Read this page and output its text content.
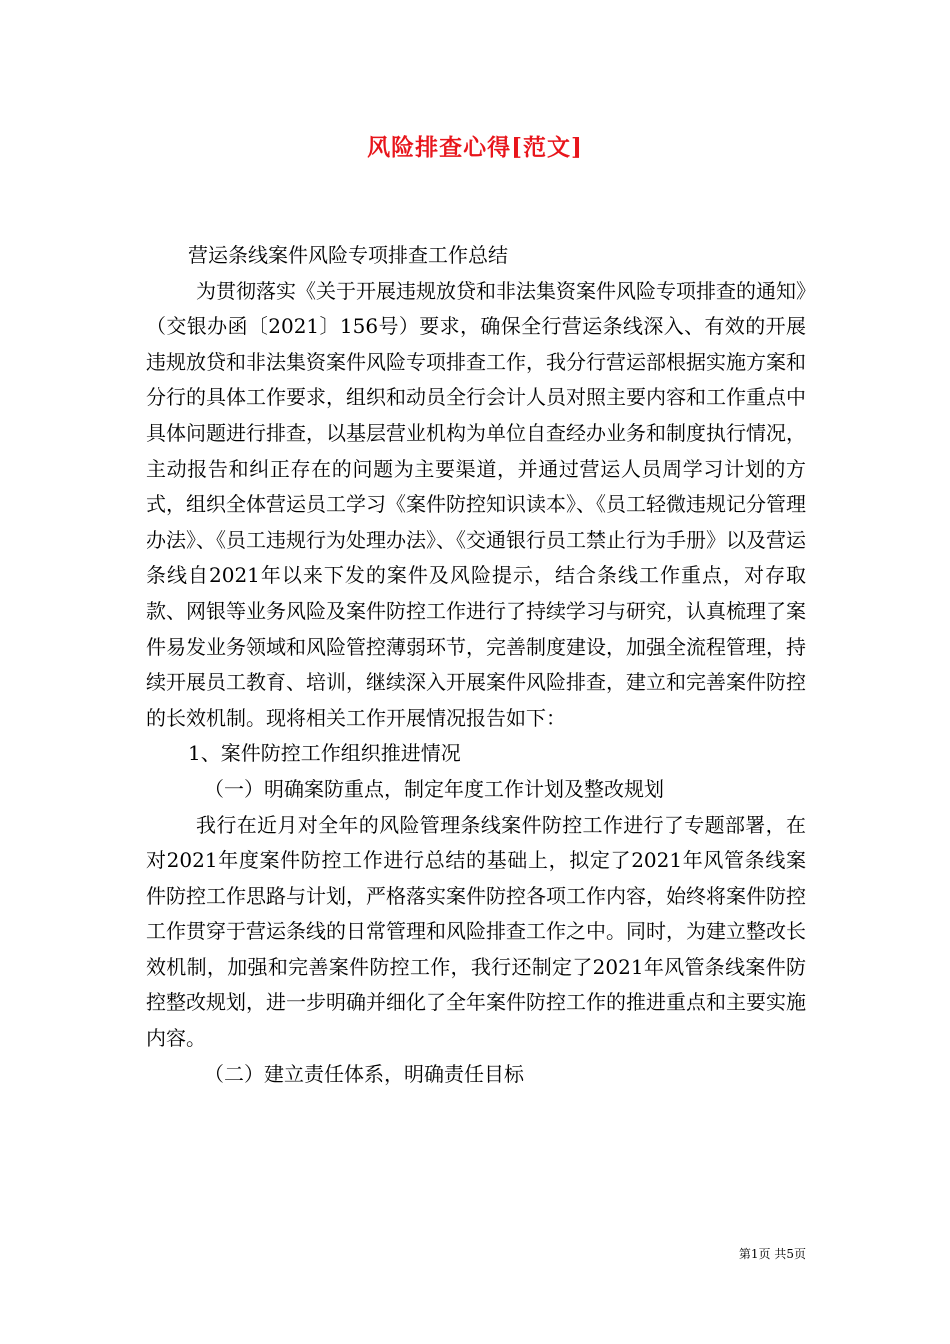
风险排查心得[范文]

营运条线案件风险专项排查工作总结

为贯彻落实《关于开展违规放贷和非法集资案件风险专项排查的通知》（交银办函〔2021〕156号）要求，确保全行营运条线深入、有效的开展违规放贷和非法集资案件风险专项排查工作，我分行营运部根据实施方案和分行的具体工作要求，组织和动员全行会计人员对照主要内容和工作重点中具体问题进行排查，以基层营业机构为单位自查经办业务和制度执行情况，主动报告和纠正存在的问题为主要渠道，并通过营运人员周学习计划的方式，组织全体营运员工学习《案件防控知识读本》、《员工轻微违规记分管理办法》、《员工违规行为处理办法》、《交通银行员工禁止行为手册》以及营运条线自2021年以来下发的案件及风险提示，结合条线工作重点，对存取款、网银等业务风险及案件防控工作进行了持续学习与研究，认真梳理了案件易发业务领域和风险管控薄弱环节，完善制度建设，加强全流程管理，持续开展员工教育、培训，继续深入开展案件风险排查，建立和完善案件防控的长效机制。现将相关工作开展情况报告如下：

1、案件防控工作组织推进情况

（一）明确案防重点，制定年度工作计划及整改规划

我行在近月对全年的风险管理条线案件防控工作进行了专题部署，在对2021年度案件防控工作进行总结的基础上，拟定了2021年风管条线案件防控工作思路与计划，严格落实案件防控各项工作内容，始终将案件防控工作贯穿于营运条线的日常管理和风险排查工作之中。同时，为建立整改长效机制，加强和完善案件防控工作，我行还制定了2021年风管条线案件防控整改规划，进一步明确并细化了全年案件防控工作的推进重点和主要实施内容。

（二）建立责任体系，明确责任目标

第1页 共5页
